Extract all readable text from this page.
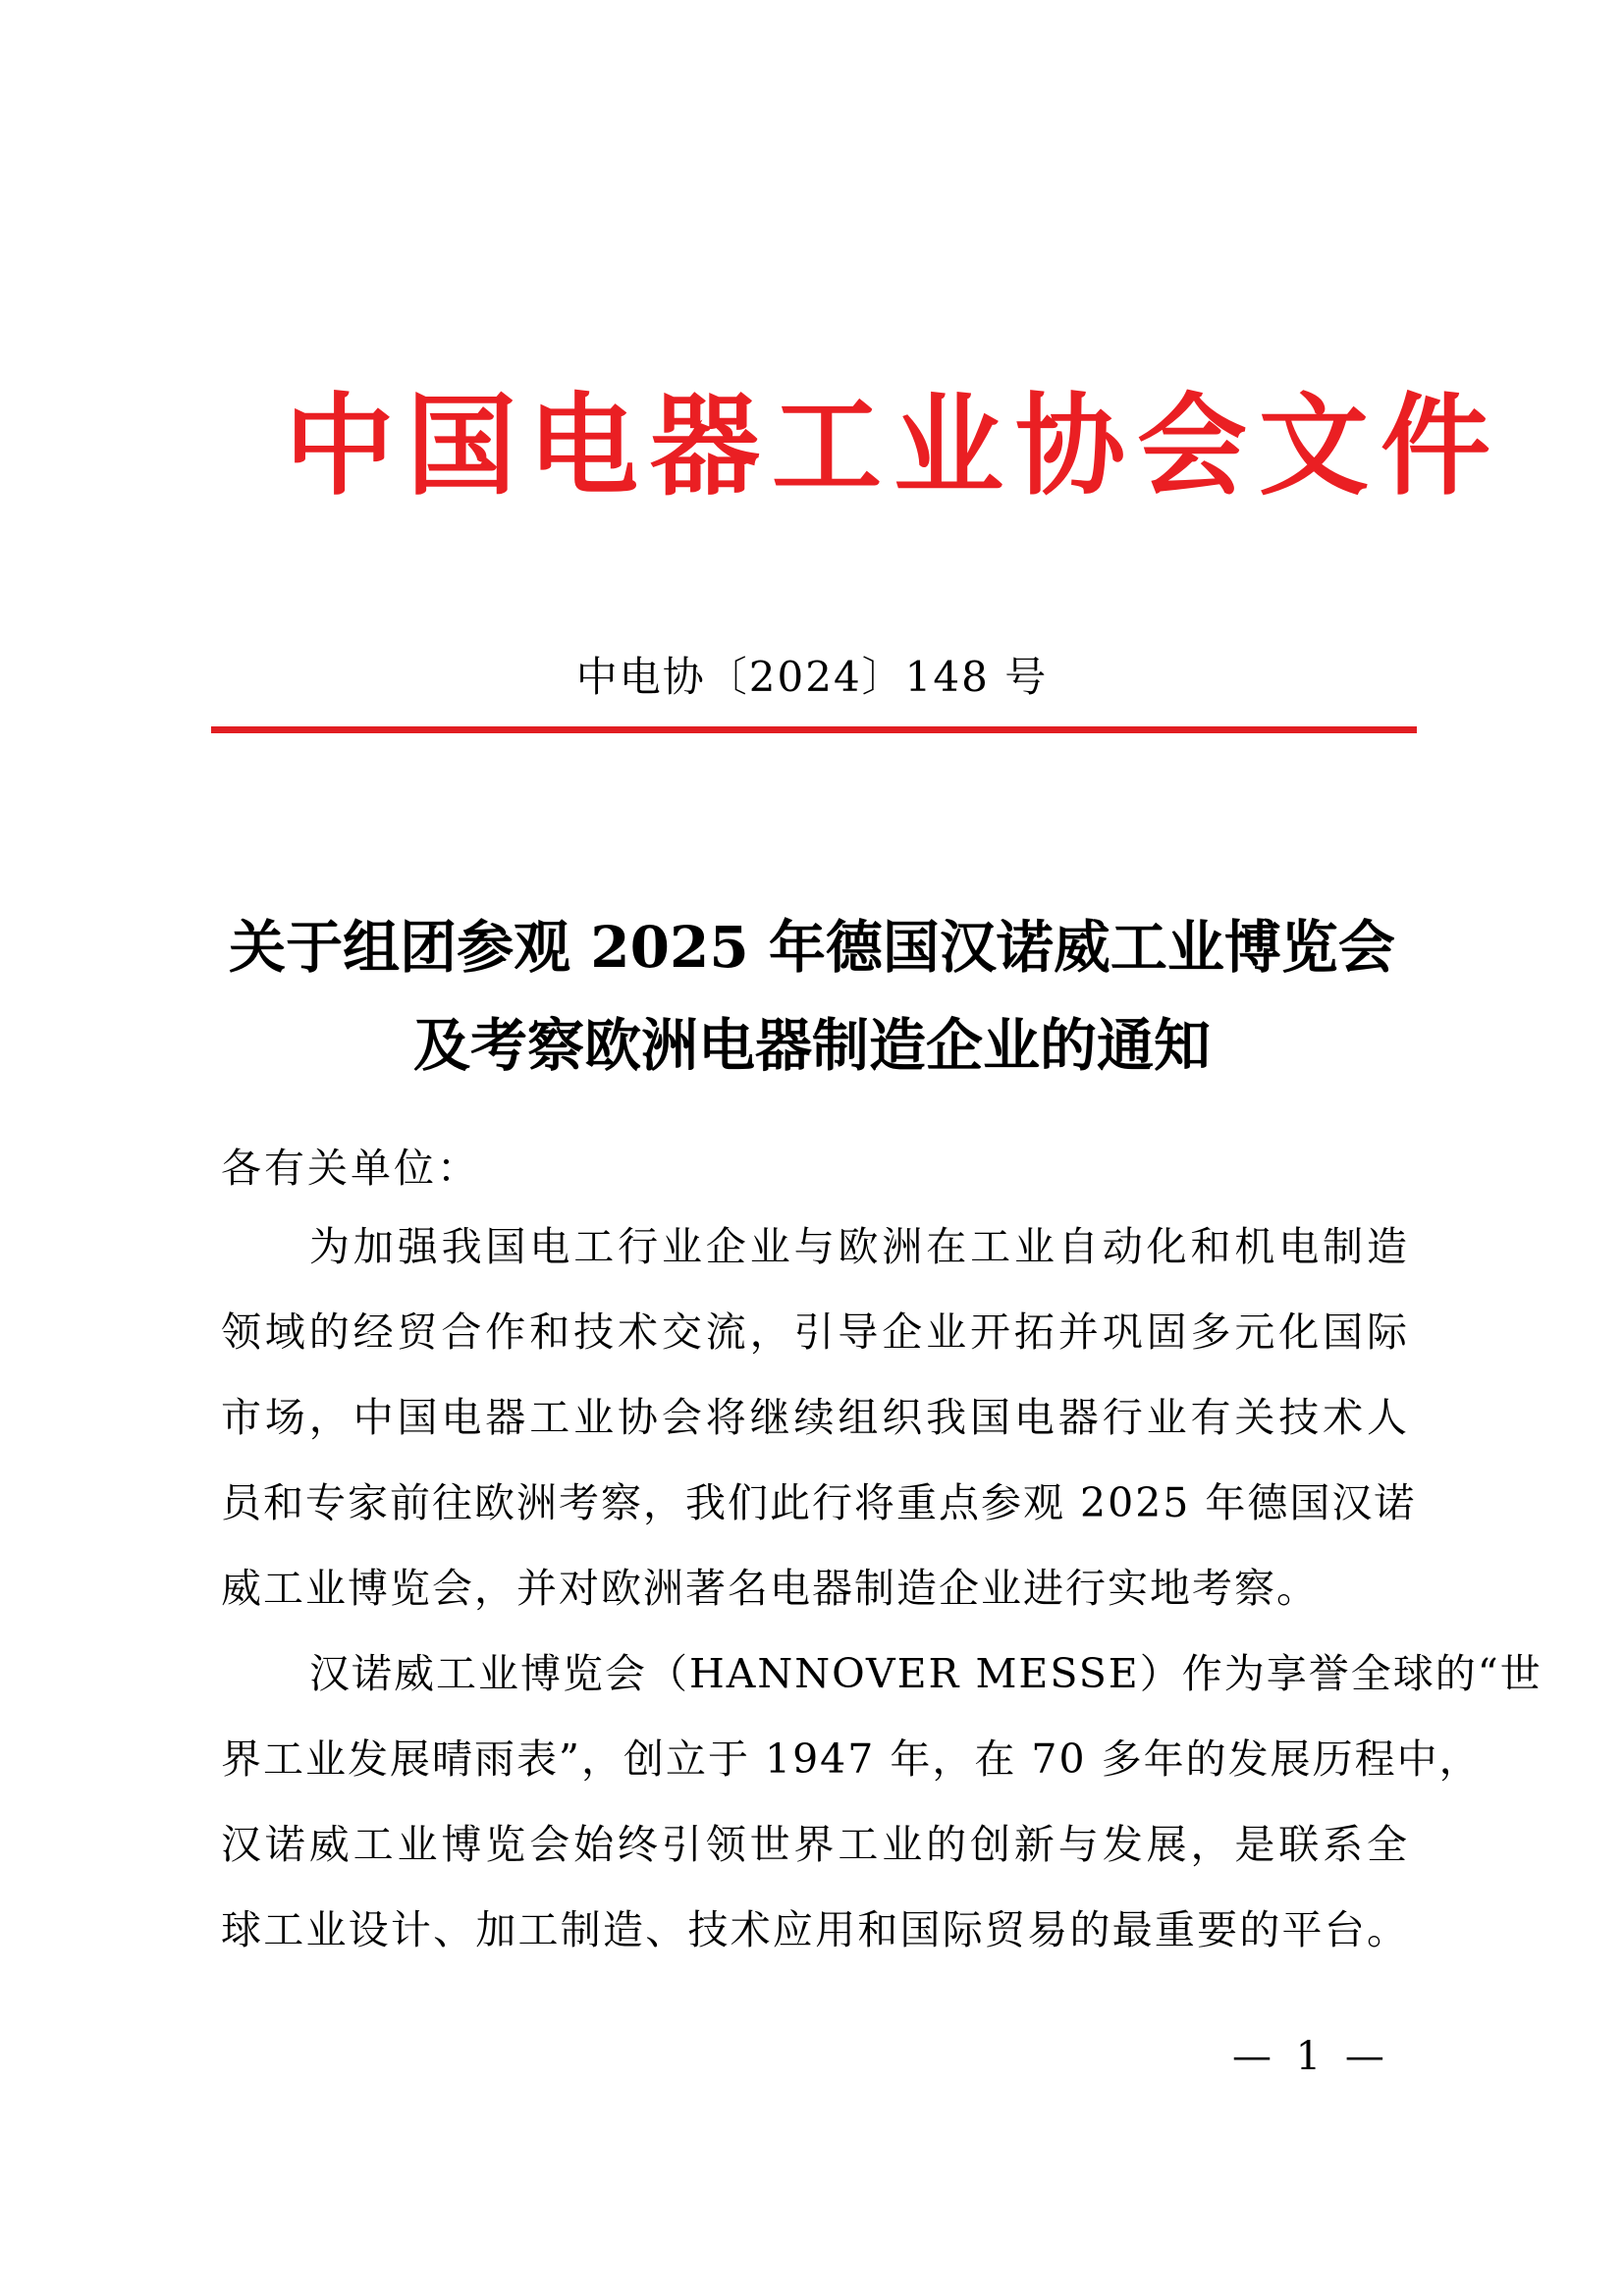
中国电器工业协会文件
中电协〔2024〕148 号
关于组团参观 2025 年德国汉诺威工业博览会
及考察欧洲电器制造企业的通知
各有关单位：
为加强我国电工行业企业与欧洲在工业自动化和机电制造
领域的经贸合作和技术交流，引导企业开拓并巩固多元化国际
市场，中国电器工业协会将继续组织我国电器行业有关技术人
员和专家前往欧洲考察，我们此行将重点参观 2025 年德国汉诺
威工业博览会，并对欧洲著名电器制造企业进行实地考察。
汉诺威工业博览会（HANNOVER MESSE）作为享誉全球的“世
界工业发展晴雨表”，创立于 1947 年，在 70 多年的发展历程中，
汉诺威工业博览会始终引领世界工业的创新与发展，是联系全
球工业设计、加工制造、技术应用和国际贸易的最重要的平台。
— 1 —
